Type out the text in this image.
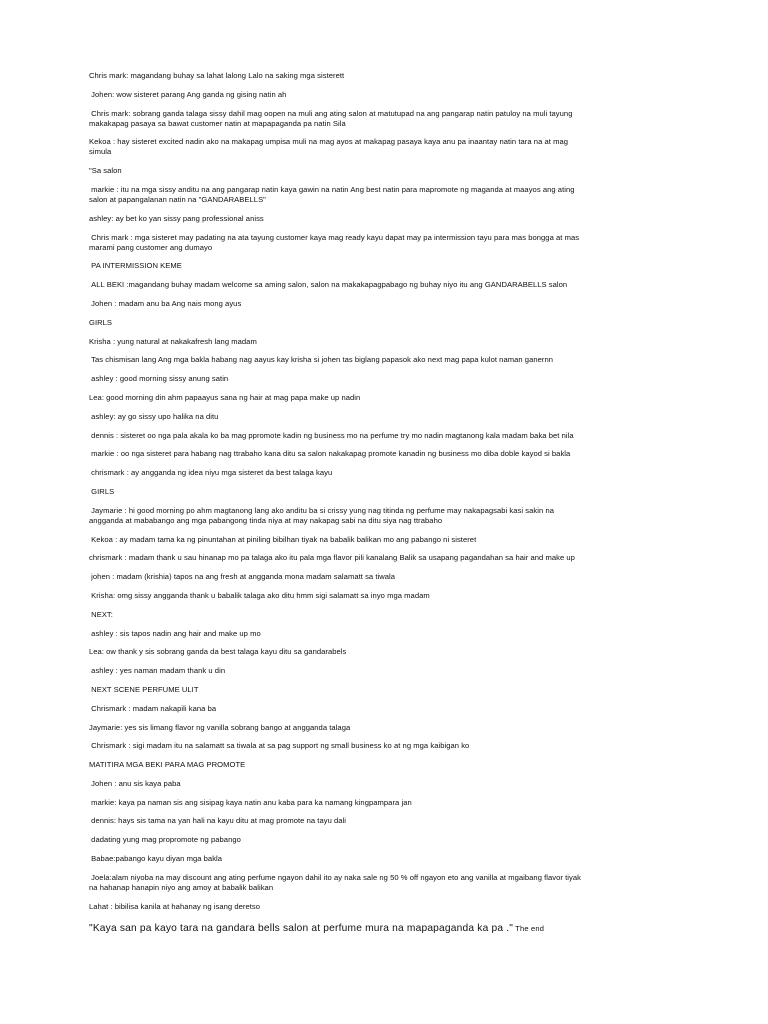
Chris mark: magandang buhay sa lahat lalong Lalo na saking mga sisterett
Johen: wow sisteret parang Ang ganda ng gising natin ah
Chris mark: sobrang ganda talaga sissy dahil mag oopen na muli ang ating salon at matutupad na ang pangarap natin patuloy na muli tayung
makakapag pasaya sa bawat customer natin at mapapaganda pa natin Sila
Kekoa : hay sisteret excited nadin ako na makapag umpisa muli na mag ayos at makapag pasaya kaya anu pa inaantay natin tara na at mag
simula
"Sa salon
markie : itu na mga sissy anditu na ang pangarap natin kaya gawin na natin Ang best natin para mapromote ng maganda at maayos ang ating
salon at papangalanan natin na "GANDARABELLS"
ashley: ay bet ko yan sissy pang professional aniss
Chris mark : mga sisteret may padating na ata tayung customer kaya mag ready kayu dapat may pa intermission tayu para mas bongga at mas
marami pang customer ang dumayo
PA INTERMISSION KEME
ALL BEKI :magandang buhay madam welcome sa aming salon, salon na makakapagpabago ng buhay niyo itu ang GANDARABELLS salon
Johen : madam anu ba Ang nais mong ayus
GIRLS
Krisha : yung natural at nakakafresh lang madam
Tas chismisan lang Ang mga bakla habang nag aayus kay krisha si johen tas biglang papasok ako next mag papa kulot naman ganernn
ashley : good morning sissy anung satin
Lea: good morning din ahm papaayus sana ng hair at mag papa make up nadin
ashley: ay go sissy upo halika na ditu
dennis : sisteret oo nga pala akala ko ba mag ppromote kadin ng business mo na perfume try mo nadin magtanong kala madam baka bet nila
markie : oo nga sisteret para habang nag ttrabaho kana ditu sa salon nakakapag promote kanadin ng business mo diba doble kayod si bakla
chrismark : ay angganda ng idea niyu mga sisteret da best talaga kayu
GIRLS
Jaymarie : hi good morning po ahm magtanong lang ako anditu ba si crissy yung nag titinda ng perfume may nakapagsabi kasi sakin na
angganda at mababango ang mga pabangong tinda niya at may nakapag sabi na ditu siya nag ttrabaho
Kekoa : ay madam tama ka ng pinuntahan at piniling bibilhan tiyak na babalik balikan mo ang pabango ni sisteret
chrismark : madam thank u sau hinanap mo pa talaga ako itu pala mga flavor pili kanalang Balik sa usapang pagandahan sa hair and make up
johen : madam (krishia) tapos na ang fresh at angganda mona madam salamatt sa tiwala
Krisha: omg sissy angganda thank u babalik talaga ako ditu hmm sigi salamatt sa inyo mga madam
NEXT:
ashley : sis tapos nadin ang hair and make up mo
Lea: ow thank y sis sobrang ganda da best talaga kayu ditu sa gandarabels
ashley : yes naman madam thank u din
NEXT SCENE PERFUME ULIT
Chrismark : madam nakapili kana ba
Jaymarie: yes sis limang flavor ng vanilla sobrang bango at angganda talaga
Chrismark : sigi madam itu na salamatt sa tiwala at sa pag support ng small business ko at ng mga kaibigan ko
MATITIRA MGA BEKI PARA MAG PROMOTE
Johen : anu sis kaya paba
markie: kaya pa naman sis ang sisipag kaya natin anu kaba para ka namang kingpampara jan
dennis: hays sis tama na yan hali na kayu ditu at mag promote na tayu dali
dadating yung mag propromote ng pabango
Babae:pabango kayu diyan mga bakla
Joela:alam niyoba na may discount ang ating perfume ngayon dahil ito ay naka sale ng 50 % off ngayon eto ang vanilla at mgaibang flavor tiyak
na hahanap hanapin niyo ang amoy at babalik balikan
Lahat : bibilisa kanila at hahanay ng isang deretso
"Kaya san pa kayo tara na gandara bells salon at perfume mura na mapapaganda ka pa ." The end
